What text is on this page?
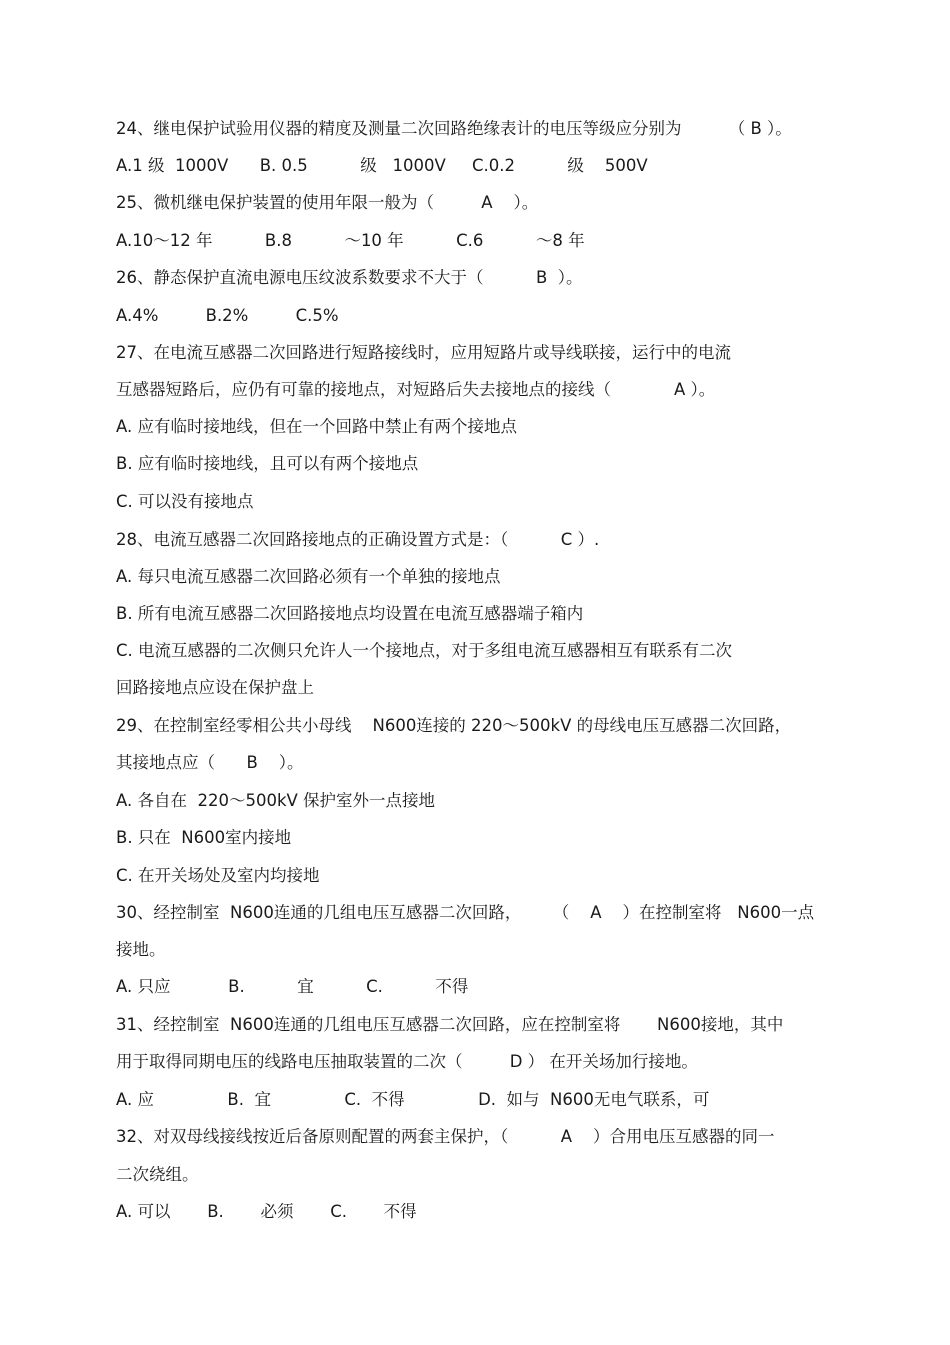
24、继电保护试验用仪器的精度及测量二次回路绝缘表计的电压等级应分别为         （ B ）。
A.1 级  1000V      B. 0.5          级   1000V     C.0.2          级    500V
25、微机继电保护装置的使用年限一般为（         A    ）。
A.10～12 年          B.8          ～10 年          C.6          ～8 年
26、静态保护直流电源电压纹波系数要求不大于（          B  ）。
A.4%         B.2%         C.5%
27、在电流互感器二次回路进行短路接线时，应用短路片或导线联接，运行中的电流
互感器短路后，应仍有可靠的接地点，对短路后失去接地点的接线（            A ）。
A. 应有临时接地线，但在一个回路中禁止有两个接地点
B. 应有临时接地线，且可以有两个接地点
C. 可以没有接地点
28、电流互感器二次回路接地点的正确设置方式是：（          C ）.
A. 每只电流互感器二次回路必须有一个单独的接地点
B. 所有电流互感器二次回路接地点均设置在电流互感器端子箱内
C. 电流互感器的二次侧只允许人一个接地点，对于多组电流互感器相互有联系有二次
回路接地点应设在保护盘上
29、在控制室经零相公共小母线    N600连接的 220～500kV 的母线电压互感器二次回路，
其接地点应（      B    ）。
A. 各自在  220～500kV 保护室外一点接地
B. 只在  N600室内接地
C. 在开关场处及室内均接地
30、经控制室  N600连通的几组电压互感器二次回路，      （    A    ）在控制室将   N600一点
接地。
A. 只应           B.          宜          C.          不得
31、经控制室  N600连通的几组电压互感器二次回路，应在控制室将       N600接地，其中
用于取得同期电压的线路电压抽取装置的二次（         D ） 在开关场加行接地。
A. 应              B.  宜              C.  不得              D.  如与  N600无电气联系，可
32、对双母线接线按近后备原则配置的两套主保护，（          A    ）合用电压互感器的同一
二次绕组。
A. 可以       B.       必须       C.       不得
